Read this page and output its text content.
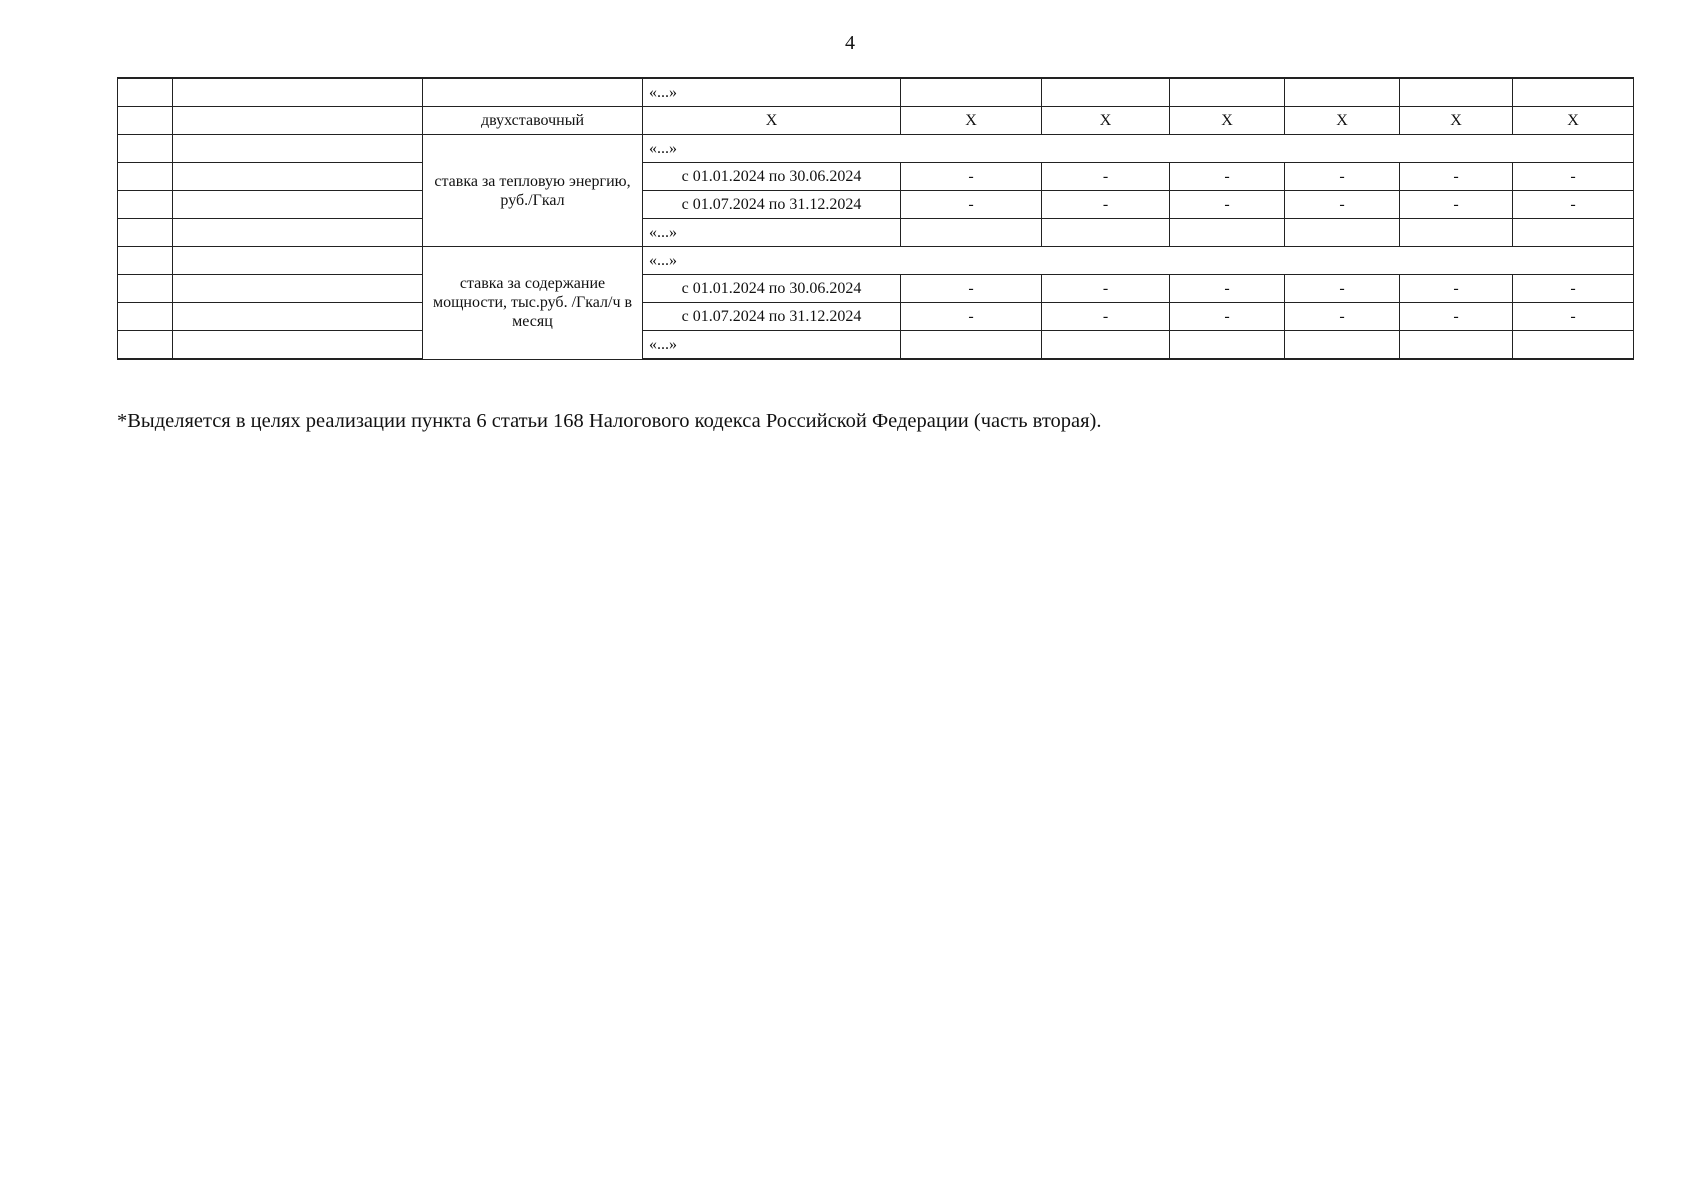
4
			«...»						
		двухставочный	Х	Х	Х	Х	Х	Х	Х
		ставка за тепловую энергию, руб./Гкал	«...»						
			с 01.01.2024 по 30.06.2024	-	-	-	-	-	-
			с 01.07.2024 по 31.12.2024	-	-	-	-	-	-
			«...»						
		ставка за содержание мощности, тыс.руб. /Гкал/ч в месяц	«...»						
			с 01.01.2024 по 30.06.2024	-	-	-	-	-	-
			с 01.07.2024 по 31.12.2024	-	-	-	-	-	-
			«...»						
*Выделяется в целях реализации пункта 6 статьи 168 Налогового кодекса Российской Федерации (часть вторая).
